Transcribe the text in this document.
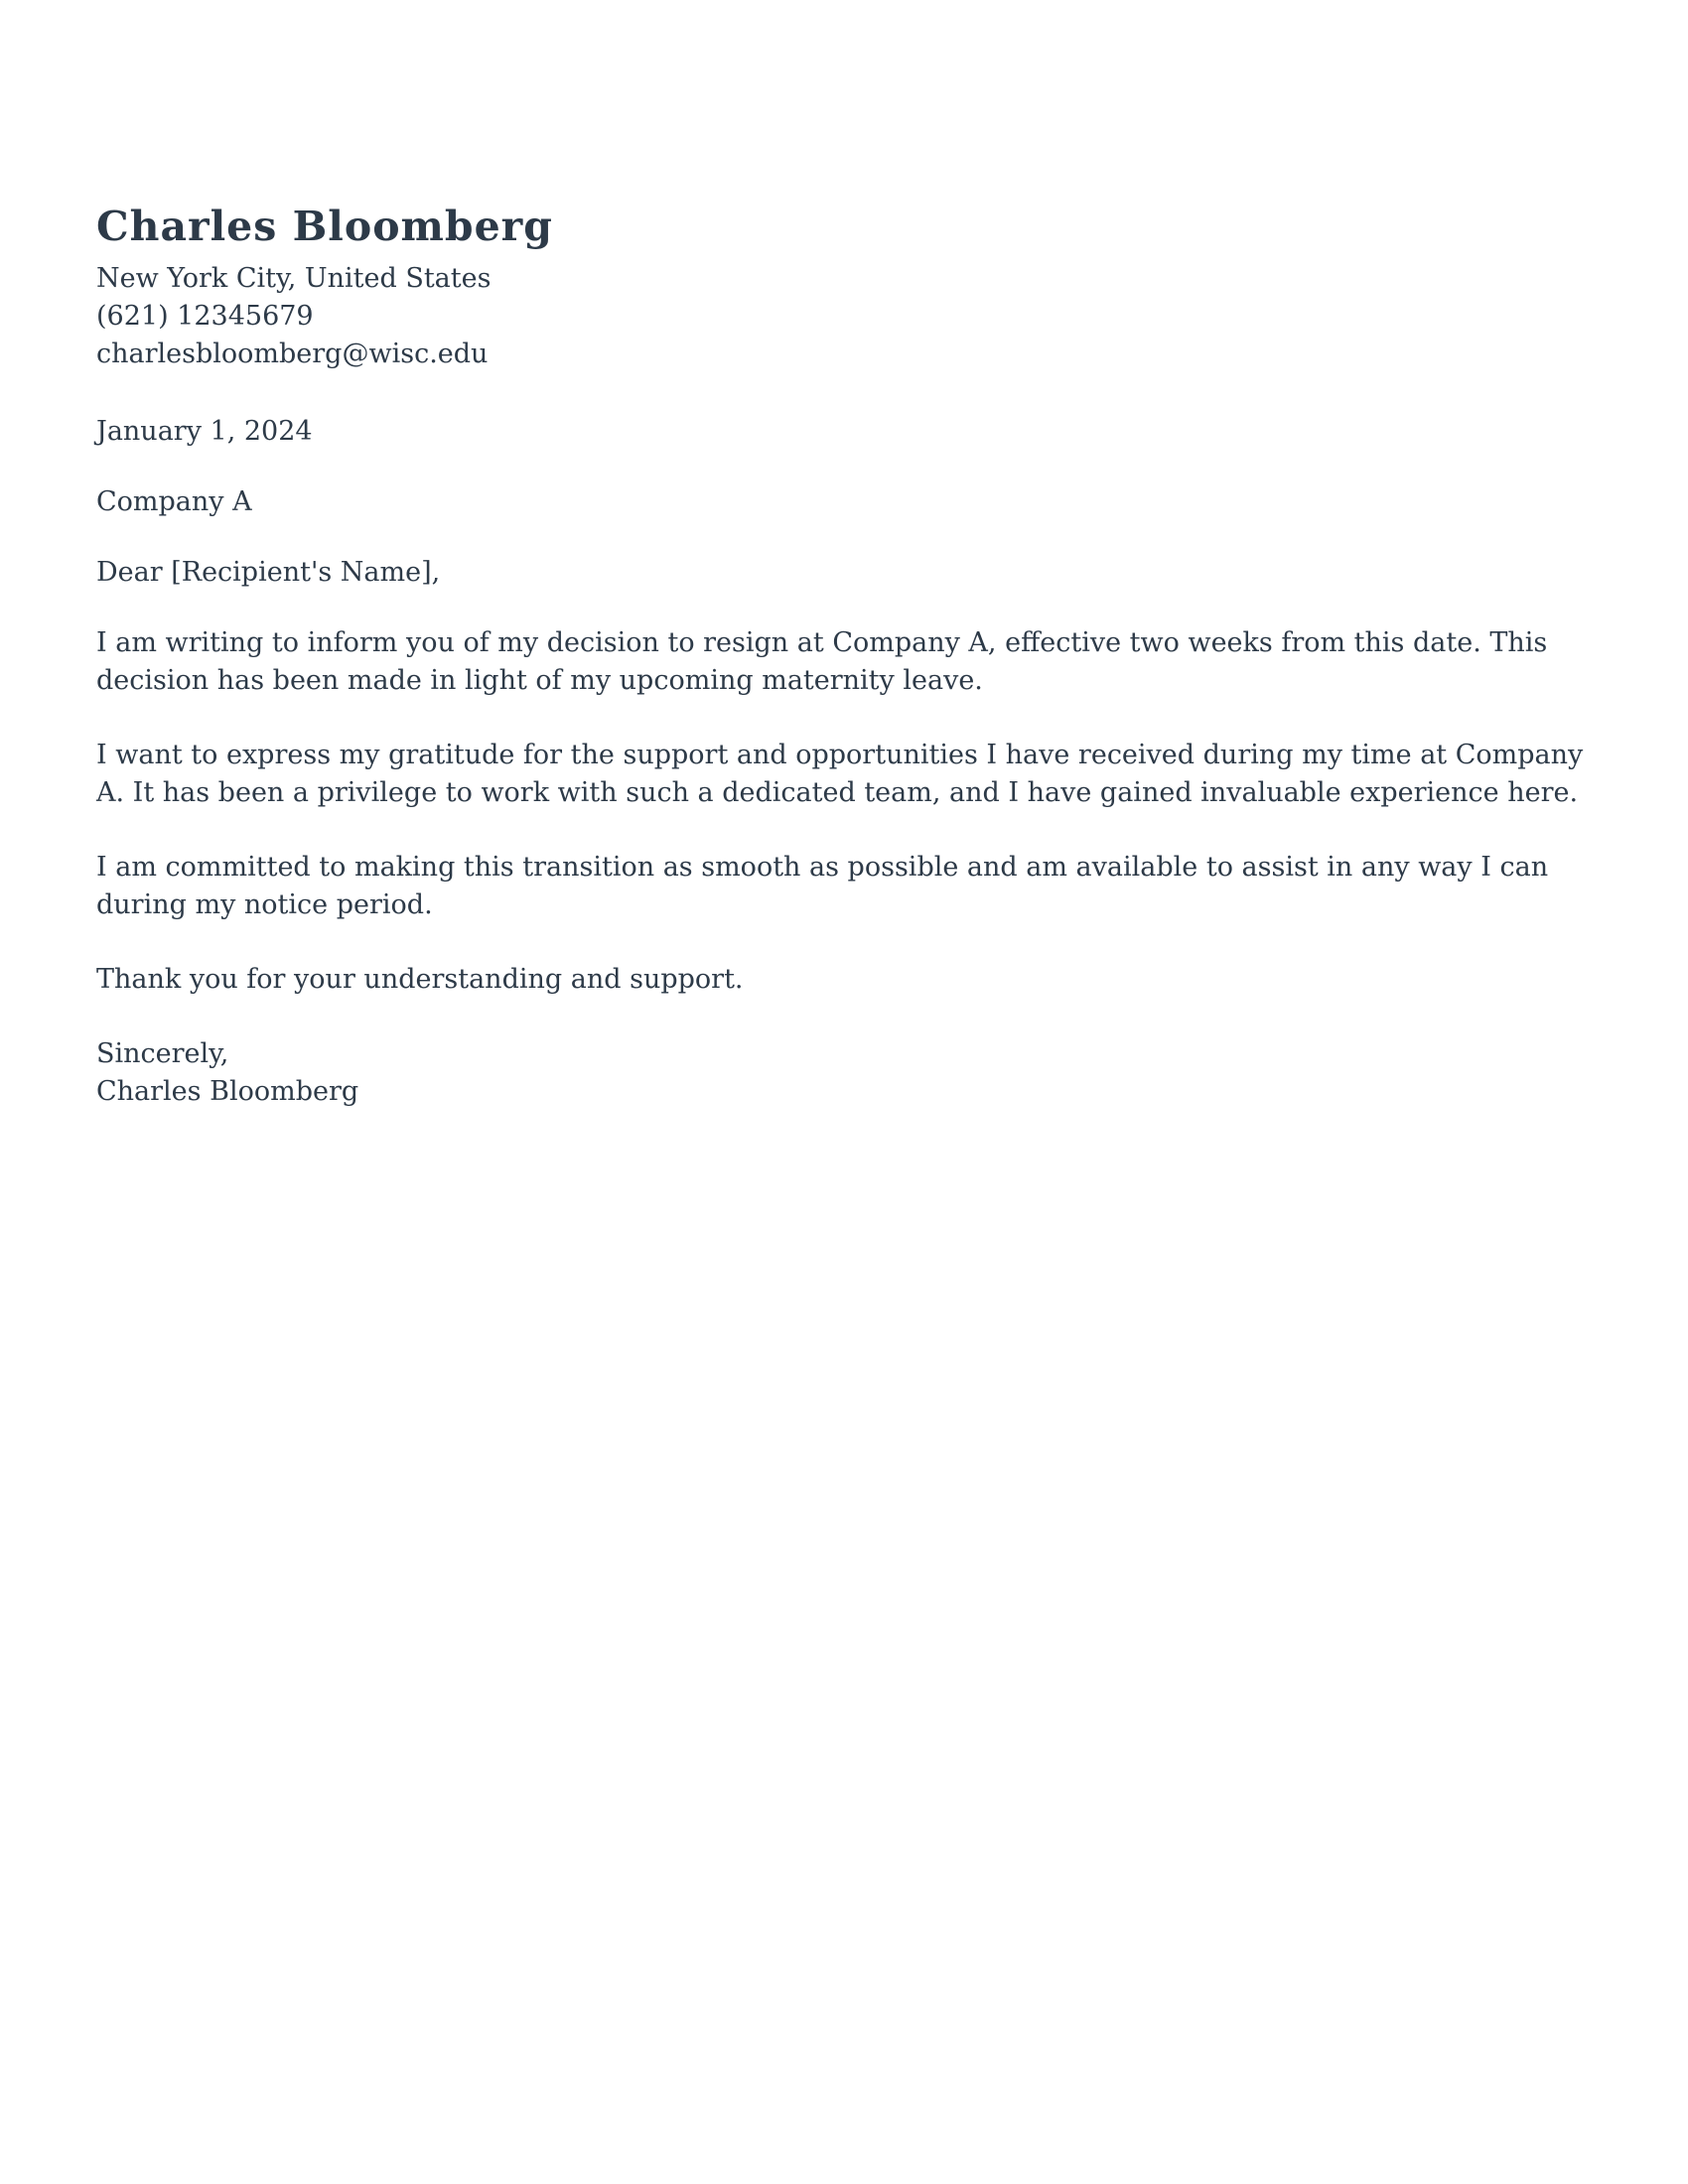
Charles Bloomberg
New York City, United States
(621) 12345679
charlesbloomberg@wisc.edu
January 1, 2024
Company A
Dear [Recipient's Name],

I am writing to inform you of my decision to resign at Company A, effective two weeks from this date. This decision has been made in light of my upcoming maternity leave.

I want to express my gratitude for the support and opportunities I have received during my time at Company A. It has been a privilege to work with such a dedicated team, and I have gained invaluable experience here.

I am committed to making this transition as smooth as possible and am available to assist in any way I can during my notice period.

Thank you for your understanding and support.

Sincerely,
Charles Bloomberg
